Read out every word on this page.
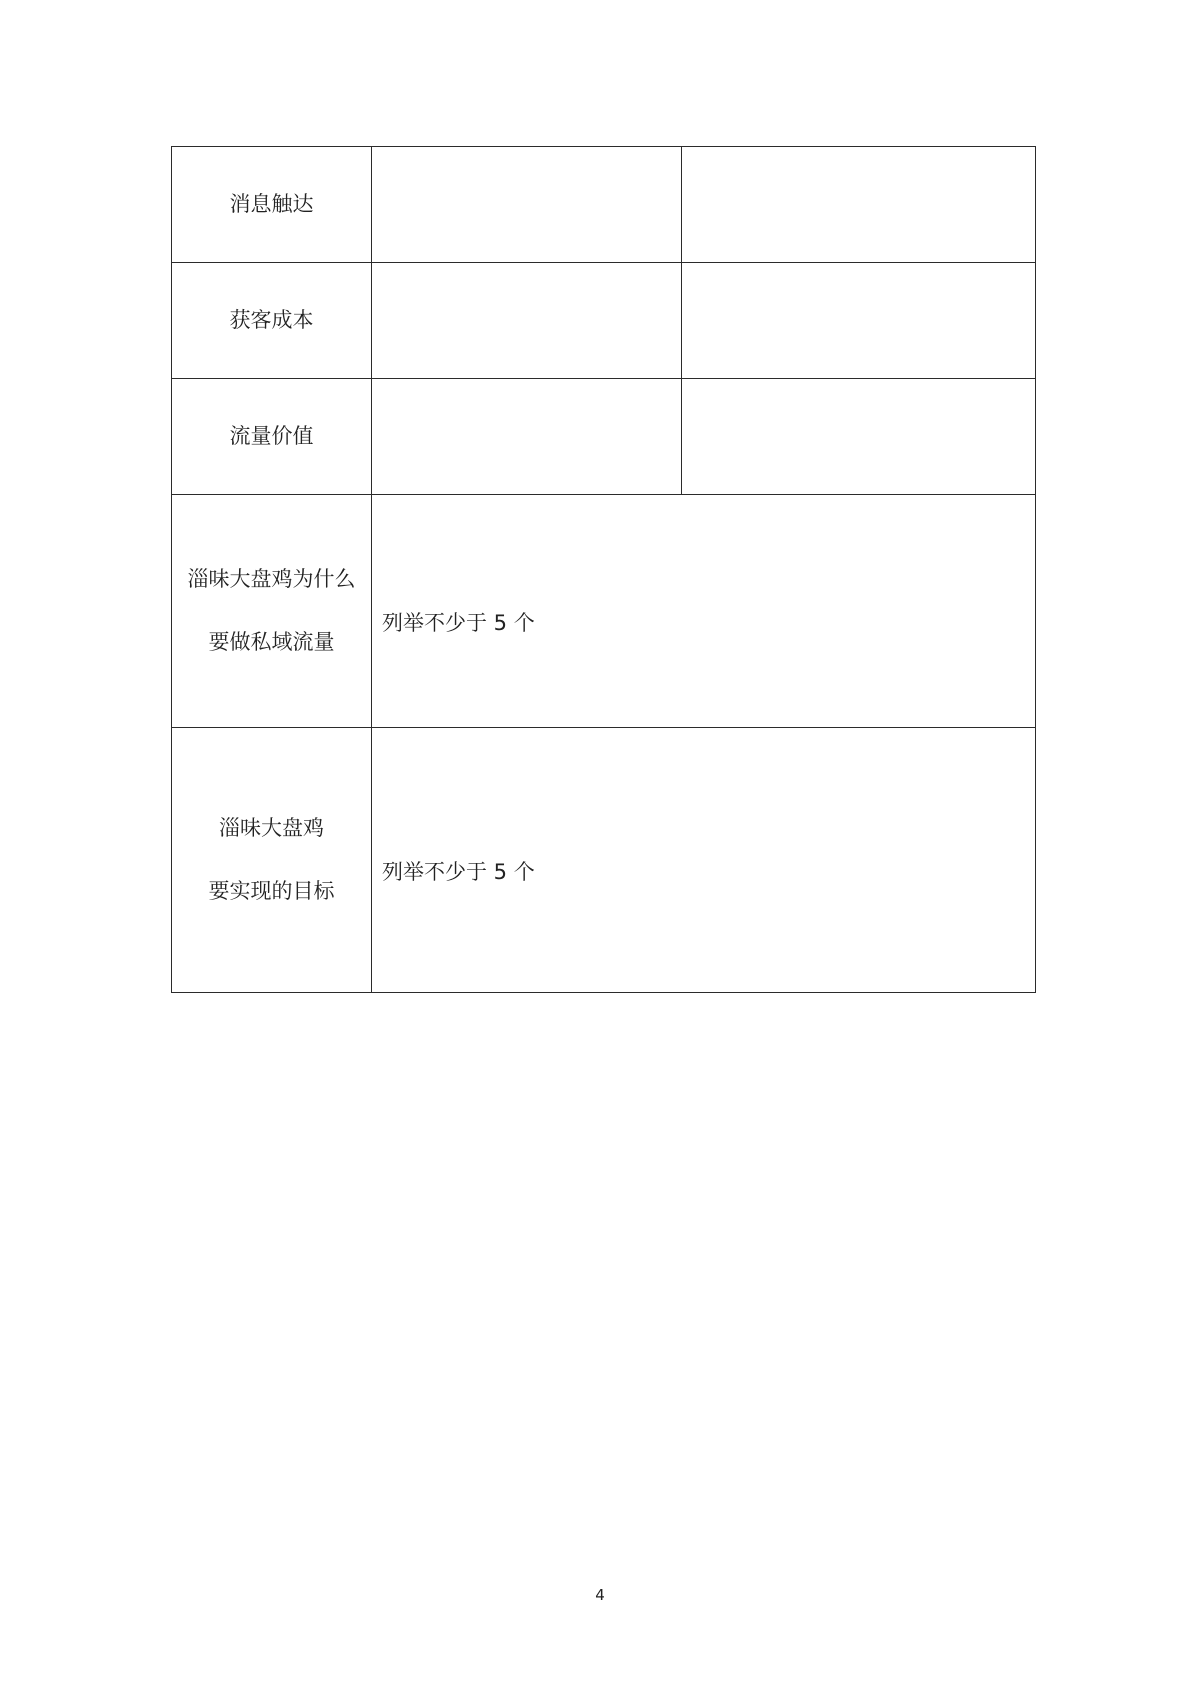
消息触达		

获客成本		

流量价值		

淄味大盘鸡为什么
要做私域流量	列举不少于 5 个	

淄味大盘鸡
要实现的目标	列举不少于 5 个	
4
